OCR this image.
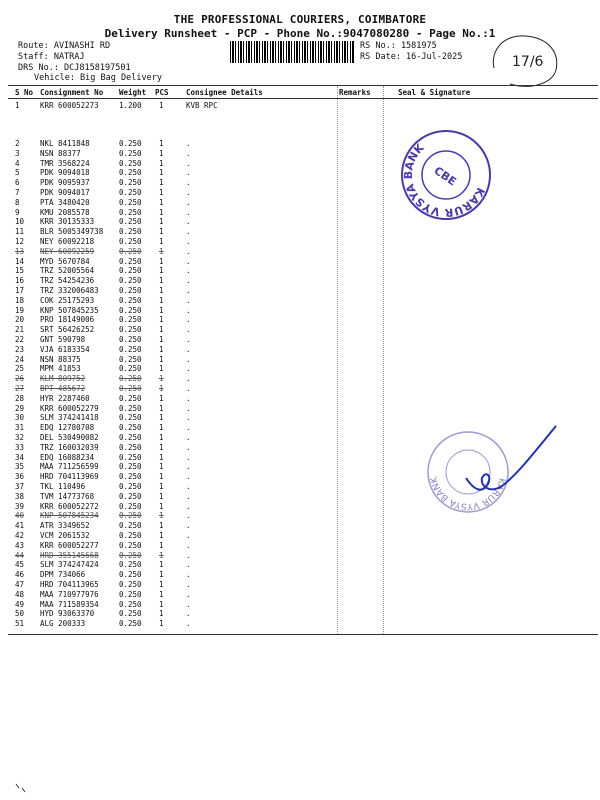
THE PROFESSIONAL COURIERS, COIMBATORE
Delivery Runsheet - PCP - Phone No.:9047080280 - Page No.:1
Route: AVINASHI RD
Staff: NATRAJ
DRS No.: DCJ8158197501
Vehicle: Big Bag Delivery
RS No.: 1581975
RS Date: 16-Jul-2025	17/6
S No Consignment No Weight PCS Consignee Details	Remarks	Seal & Signature
1	KRR 600052273	1.200 1	KVB RPC
2	NKL 8411848	0.250 1	.
3	NSN 88377	0.250 1	.
4	TMR 3568224	0.250 1	.
5	PDK 9094018	0.250 1	.
6	PDK 9095937	0.250 1	.
7	PDK 9094017	0.250 1	.
8	PTA 3480420	0.250 1	.
9	KMU 2085578	0.250 1	.
10 KRR 30135333	0.250 1	.
11 BLR 5005349738 0.250 1	.
12 NEY 60092218	0.250 1	.
13 NEY 60092259	0.250 1	.
14 MYD 5670784	0.250 1	.
15 TRZ 52005564	0.250 1	.
16 TRZ 54254236	0.250 1	.
17 TRZ 332006483	0.250 1	.
18 COK 25175293	0.250 1	.
19 KNP 507845235	0.250 1	.
20 PRO 18149006	0.250 1	.
21 SRT 56426252	0.250 1	.
22 GNT 590798	0.250 1	.
23 VJA 6183354	0.250 1	.
24 NSN 88375	0.250 1	.
25 MPM 41853	0.250 1	.
26 KLM 809752	0.250 1	.
27 BPT 485672	0.250 1	.
28 HYR 2287460	0.250 1	.
29 KRR 600052279	0.250 1	.
30 SLM 374241418	0.250 1	.
31 EDQ 12780708	0.250 1	.
32 DEL 530490082	0.250 1	.
33 TRZ 160032039	0.250 1	.
34 EDQ 16088234	0.250 1	.
35 MAA 711256599	0.250 1	.
36 HRD 704113969	0.250 1	.
37 TKL 110496	0.250 1	.
38 TVM 14773768	0.250 1	.
39 KRR 600052272	0.250 1	.
40 KNP 507845234	0.250 1	.
41 ATR 3349652	0.250 1	.
42 VCM 2061532	0.250 1	.
43 KRR 600052277	0.250 1	.
44 HRD 355145668	0.250 1	.
45 SLM 374247424	0.250 1	.
46 DPM 734066	0.250 1	.
47 HRD 704113965	0.250 1	.
48 MAA 710977976	0.250 1	.
49 MAA 711589354	0.250 1	.
50 HYD 93063370	0.250 1	.
51 ALG 200333	0.250 1	.
KARUR VYSYA BANK
CBE
KARUR VYSYA BANK
